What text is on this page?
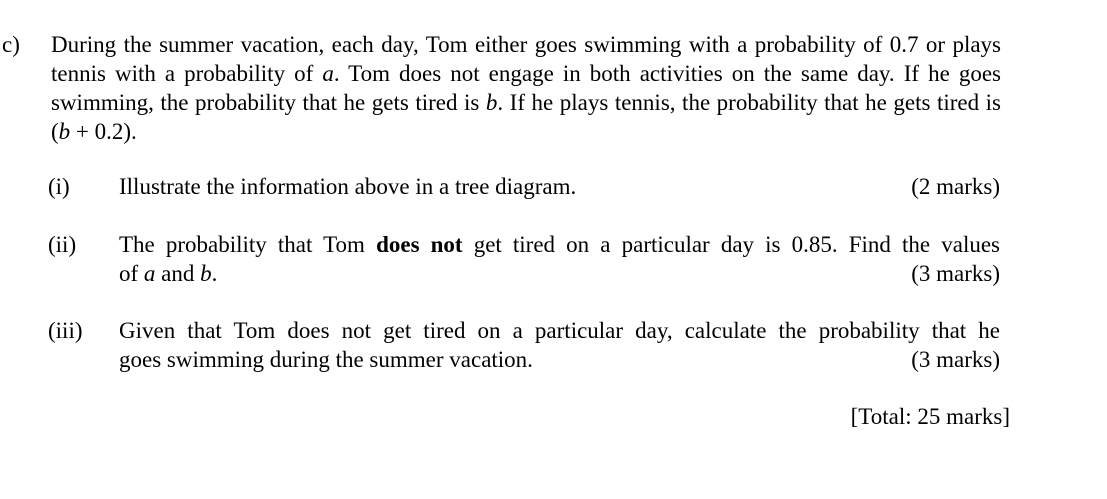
c) During the summer vacation, each day, Tom either goes swimming with a probability of 0.7 or plays tennis with a probability of a. Tom does not engage in both activities on the same day. If he goes swimming, the probability that he gets tired is b. If he plays tennis, the probability that he gets tired is (b + 0.2).
(i) Illustrate the information above in a tree diagram.	(2 marks)
(ii) The probability that Tom does not get tired on a particular day is 0.85. Find the values
of a and b.	(3 marks)
(iii) Given that Tom does not get tired on a particular day, calculate the probability that he
goes swimming during the summer vacation.	(3 marks)
[Total: 25 marks]
